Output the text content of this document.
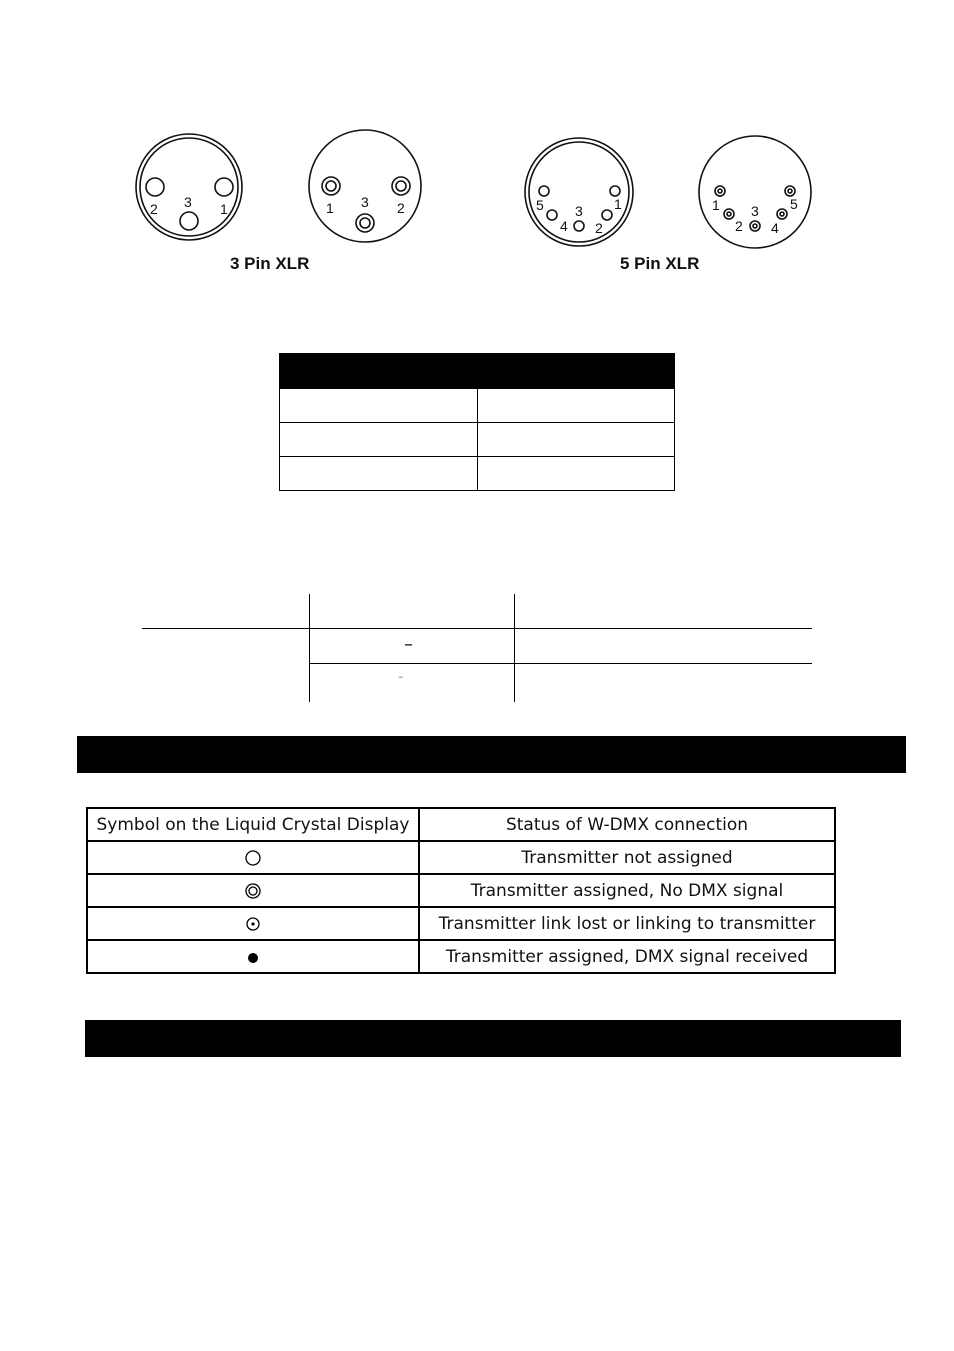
2 3 1	1 3 2	5
4
3
2
1	1
2
3
4
5
3 Pin XLR	5 Pin XLR

–
–
Symbol on the Liquid Crystal Display	Status of W-DMX connection
	Transmitter not assigned
	Transmitter assigned, No DMX signal
	Transmitter link lost or linking to transmitter
	Transmitter assigned, DMX signal received
